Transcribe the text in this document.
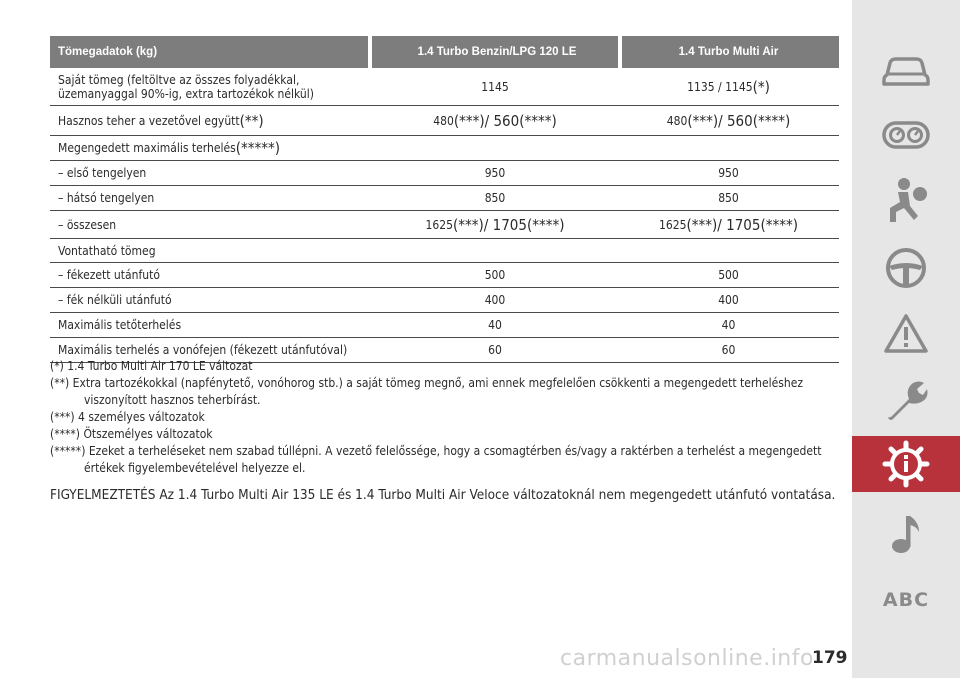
Tömegadatok (kg)	1.4 Turbo Benzin/LPG 120 LE	1.4 Turbo Multi Air
Saját tömeg (feltöltve az összes folyadékkal,
üzemanyaggal 90%-ig, extra tartozékok nélkül)	1145	1135 / 1145 (*)
Hasznos teher a vezetővel együtt (**)	480 (***) / 560 (****)	480 (***) / 560 (****)
Megengedett maximális terhelés (*****)
– első tengelyen	950	950
– hátsó tengelyen	850	850
– összesen	1625 (***) / 1705 (****)	1625 (***) / 1705 (****)
Vontatható tömeg
– fékezett utánfutó	500	500
– fék nélküli utánfutó	400	400
Maximális tetőterhelés	40	40
Maximális terhelés a vonófejen (fékezett utánfutóval)	60	60
(*) 1.4 Turbo Multi Air 170 LE változat
(**) Extra tartozékokkal (napfénytető, vonóhorog stb.) a saját tömeg megnő, ami ennek megfelelően csökkenti a megengedett terheléshez viszonyított hasznos teherbírást.
(***) 4 személyes változatok
(****) Ötszemélyes változatok
(*****) Ezeket a terheléseket nem szabad túllépni. A vezető felelőssége, hogy a csomagtérben és/vagy a raktérben a terhelést a megengedett értékek figyelembevételével helyezze el.
FIGYELMEZTETÉS Az 1.4 Turbo Multi Air 135 LE és 1.4 Turbo Multi Air Veloce változatoknál nem megengedett utánfutó vontatása.
ABC
carmanualsonline.info
179
